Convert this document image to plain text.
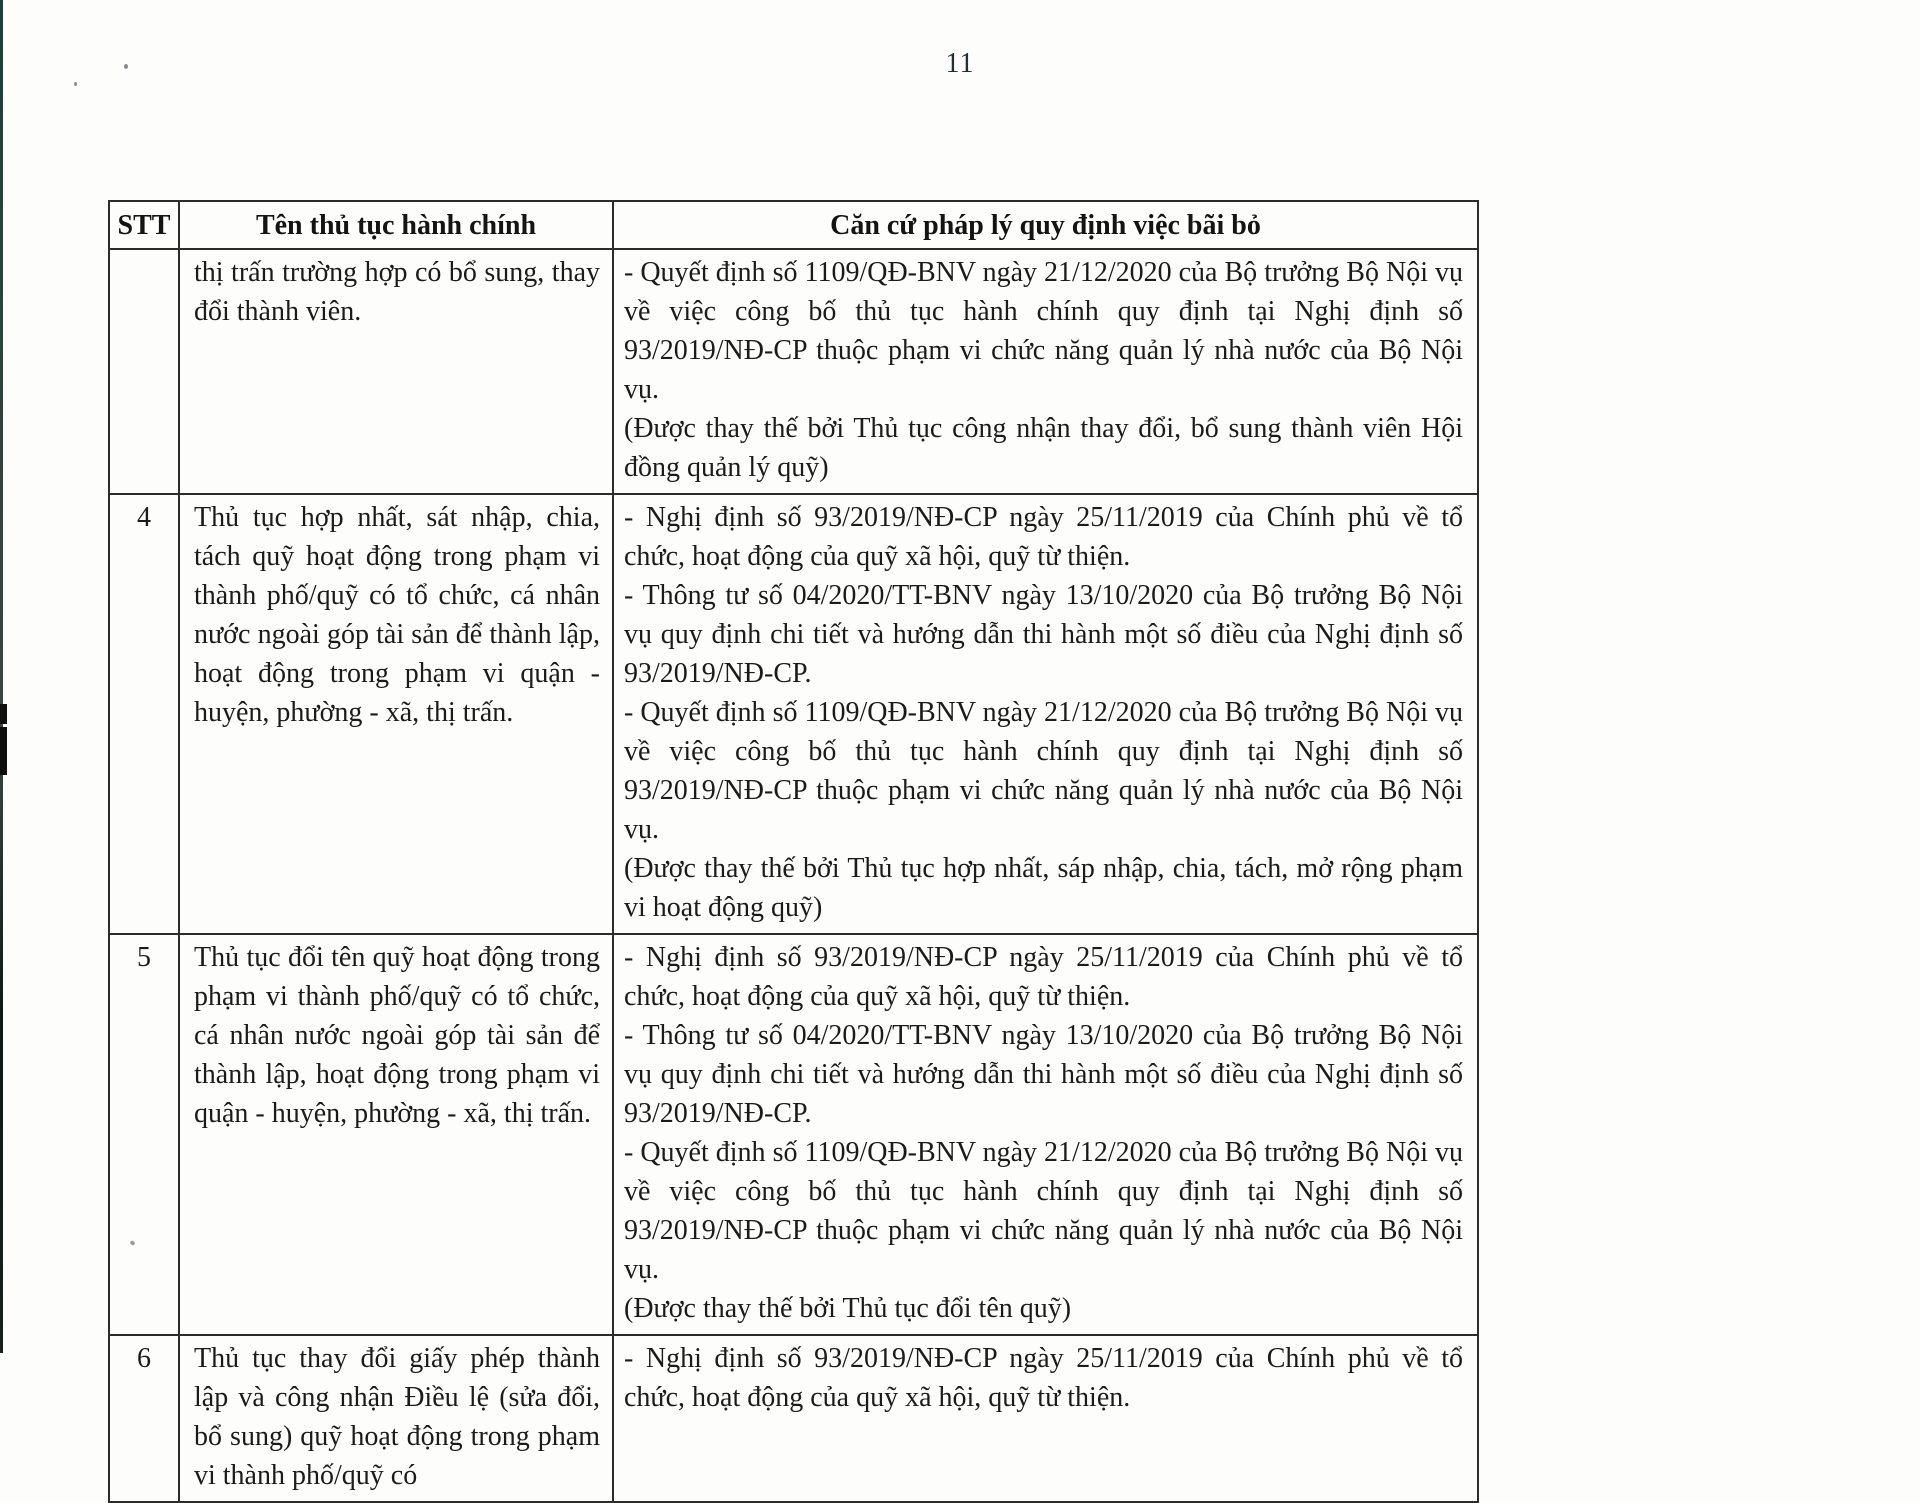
11
STT	Tên thủ tục hành chính	Căn cứ pháp lý quy định việc bãi bỏ
	thị trấn trường hợp có bổ sung, thay đổi thành viên.	- Quyết định số 1109/QĐ-BNV ngày 21/12/2020 của Bộ trưởng Bộ Nội vụ về việc công bố thủ tục hành chính quy định tại Nghị định số 93/2019/NĐ-CP thuộc phạm vi chức năng quản lý nhà nước của Bộ Nội vụ.

(Được thay thế bởi Thủ tục công nhận thay đổi, bổ sung thành viên Hội đồng quản lý quỹ)

4	Thủ tục hợp nhất, sát nhập, chia, tách quỹ hoạt động trong phạm vi thành phố/quỹ có tổ chức, cá nhân nước ngoài góp tài sản để thành lập, hoạt động trong phạm vi quận - huyện, phường - xã, thị trấn.	- Nghị định số 93/2019/NĐ-CP ngày 25/11/2019 của Chính phủ về tổ chức, hoạt động của quỹ xã hội, quỹ từ thiện.

- Thông tư số 04/2020/TT-BNV ngày 13/10/2020 của Bộ trưởng Bộ Nội vụ quy định chi tiết và hướng dẫn thi hành một số điều của Nghị định số 93/2019/NĐ-CP.

- Quyết định số 1109/QĐ-BNV ngày 21/12/2020 của Bộ trưởng Bộ Nội vụ về việc công bố thủ tục hành chính quy định tại Nghị định số 93/2019/NĐ-CP thuộc phạm vi chức năng quản lý nhà nước của Bộ Nội vụ.

(Được thay thế bởi Thủ tục hợp nhất, sáp nhập, chia, tách, mở rộng phạm vi hoạt động quỹ)

5	Thủ tục đổi tên quỹ hoạt động trong phạm vi thành phố/quỹ có tổ chức, cá nhân nước ngoài góp tài sản để thành lập, hoạt động trong phạm vi quận - huyện, phường - xã, thị trấn.	- Nghị định số 93/2019/NĐ-CP ngày 25/11/2019 của Chính phủ về tổ chức, hoạt động của quỹ xã hội, quỹ từ thiện.

- Thông tư số 04/2020/TT-BNV ngày 13/10/2020 của Bộ trưởng Bộ Nội vụ quy định chi tiết và hướng dẫn thi hành một số điều của Nghị định số 93/2019/NĐ-CP.

- Quyết định số 1109/QĐ-BNV ngày 21/12/2020 của Bộ trưởng Bộ Nội vụ về việc công bố thủ tục hành chính quy định tại Nghị định số 93/2019/NĐ-CP thuộc phạm vi chức năng quản lý nhà nước của Bộ Nội vụ.

(Được thay thế bởi Thủ tục đổi tên quỹ)

6	Thủ tục thay đổi giấy phép thành lập và công nhận Điều lệ (sửa đổi, bổ sung) quỹ hoạt động trong phạm vi thành phố/quỹ có	- Nghị định số 93/2019/NĐ-CP ngày 25/11/2019 của Chính phủ về tổ chức, hoạt động của quỹ xã hội, quỹ từ thiện.
